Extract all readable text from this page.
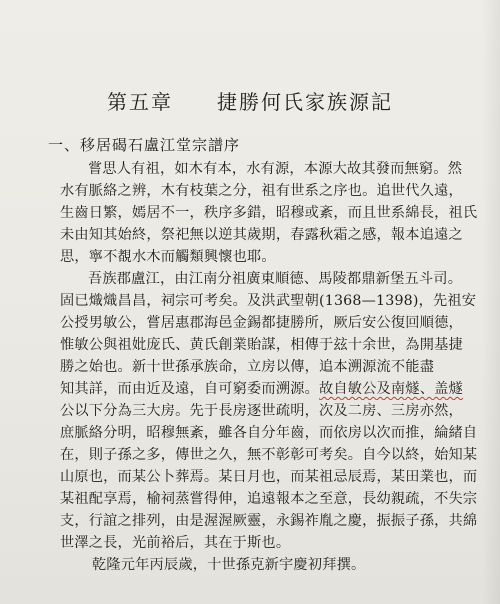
第五章　　捷勝何氏家族源記
一、移居碣石盧江堂宗譜序
嘗思人有祖，如木有本，水有源，本源大故其發而無窮。然
水有脈絡之辨，木有枝葉之分，祖有世系之序也。追世代久遠，
生齒日繁，嫣居不一，秩序多錯，昭穆或紊，而且世系綿長，祖氏
未由知其始終，祭祀無以逆其歲期，春露秋霜之感，報本追遠之
思，寧不覩水木而觸類興懷也耶。
吾族郡盧江，由江南分祖廣東順德、馬陵都鼎新堡五斗司。
固已熾熾昌昌，祠宗可考矣。及洪武聖朝(1368—1398)，先祖安
公授男敏公，嘗居惠郡海邑金錫都捷勝所，厥后安公復回順德，
惟敏公與祖妣庞氏、黄氏創業貽謀，相傳于玆十余世，為開基捷
勝之始也。新十世孫承族命，立房以傳，追本溯源流不能盡
知其詳，而由近及遠，自可窮委而溯源。故自敏公及南燧、盖燧
公以下分為三大房。先于長房逐世疏明，次及二房、三房亦然，
庶脈絡分明，昭穆無紊，雖各自分年齒，而依房以次而推，綸緒自
在，則子孫之多，傳世之久，無不彰彰可考矣。自今以終，始知某
山原也，而某公卜葬焉。某日月也，而某祖忌辰焉，某田業也，而
某祖配享焉，榆祠蒸嘗得伸，追遠報本之至意，長幼親疏，不失宗
支，行誼之排列，由是渥渥厥靈，永錫祚胤之慶，振振子孫，共綿
世澤之長，光前裕后，其在于斯也。
乾隆元年丙辰歲，十世孫克新宇慶初拜撰。
